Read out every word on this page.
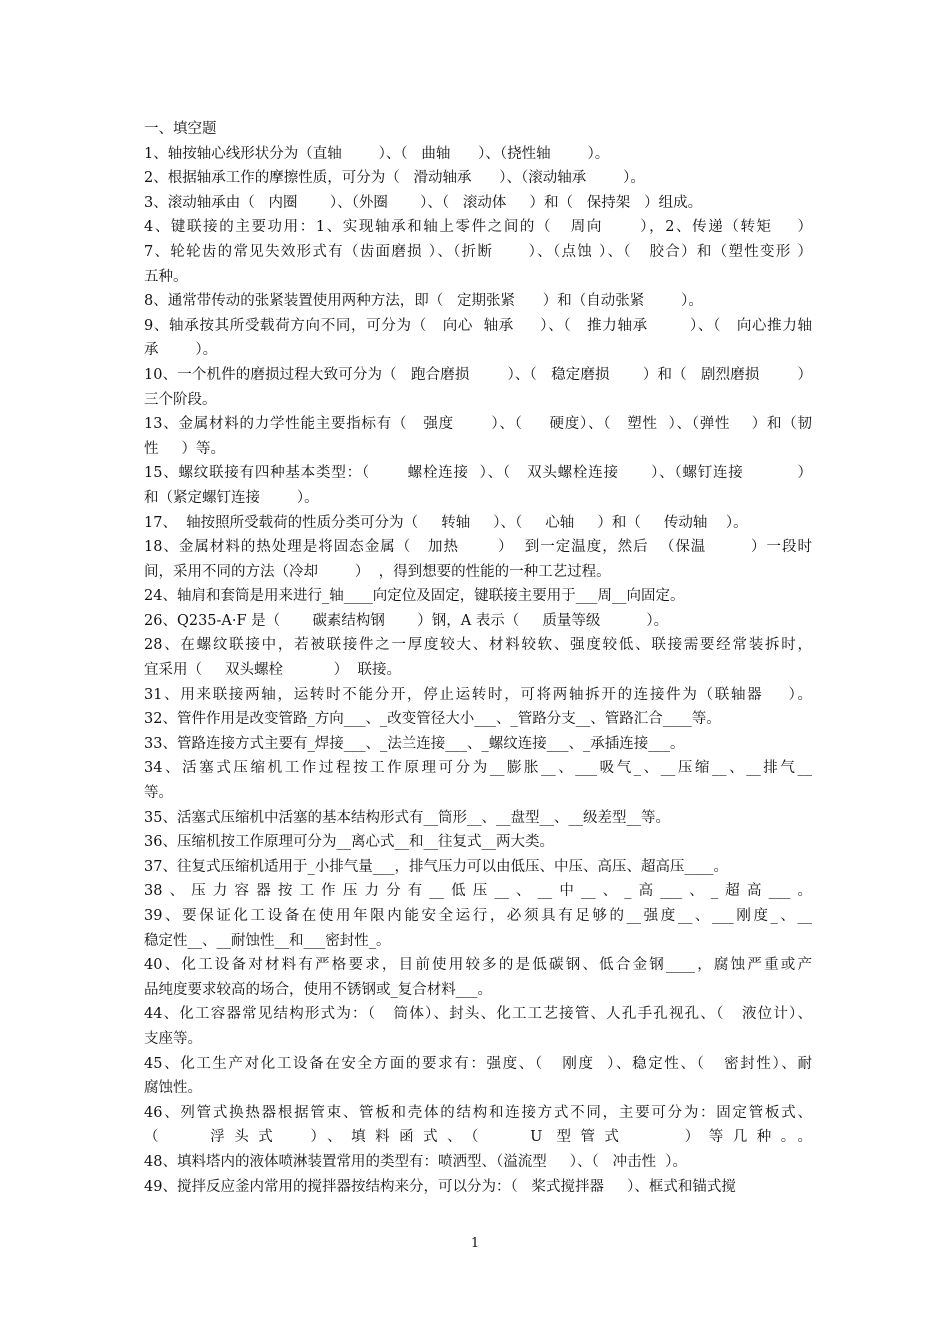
一、填空题
1、轴按轴心线形状分为（直轴        ）、（   曲轴      ）、（挠性轴        ）。
2、根据轴承工作的摩擦性质，可分为（   滑动轴承      ）、（滚动轴承        ）。
3、滚动轴承由（   内圈       ）、（外圈       ）、（   滚动体     ）和（   保持架   ）组成。
4、键联接的主要功用：1、实现轴承和轴上零件之间的（   周向      ），2、传递（转矩    ）
7、轮轮齿的常见失效形式有（齿面磨损 ）、（折断      ）、（点蚀 ）、（   胶合）和（塑性变形 ）
五种。
8、通常带传动的张紧装置使用两种方法，即（   定期张紧      ）和（自动张紧        ）。
9、轴承按其所受载荷方向不同，可分为（   向心  轴承     ）、（   推力轴承        ）、（   向心推力轴
承        ）。
10、一个机件的磨损过程大致可分为（   跑合磨损        ）、（   稳定磨损       ）和（   剧烈磨损        ）
三个阶段。
13、金属材料的力学性能主要指标有（   强度       ）、（     硬度）、（   塑性  ）、（弹性    ）和（韧
性     ）等。
15、螺纹联接有四种基本类型：（       螺栓连接  ）、（   双头螺栓连接      ）、（螺钉连接          ）
和（紧定螺钉连接        ）。
17、  轴按照所受载荷的性质分类可分为（     转轴     ）、（     心轴     ）和（     传动轴    ）。
18、金属材料的热处理是将固态金属（   加热       ）  到一定温度，然后  （保温        ）一段时
间，采用不同的方法（冷却        ）  ，得到想要的性能的一种工艺过程。
24、轴肩和套筒是用来进行_轴____向定位及固定，键联接主要用于___周__向固定。
26、Q235-A·F 是（       碳素结构钢       ）钢，A 表示（     质量等级          ）。
28、在螺纹联接中，若被联接件之一厚度较大、材料较软、强度较低、联接需要经常装拆时，
宜采用（     双头螺栓           ）  联接。
31、用来联接两轴，运转时不能分开，停止运转时，可将两轴拆开的连接件为（联轴器    ）。
32、管件作用是改变管路_方向___、_改变管径大小___、_管路分支__、管路汇合____等。
33、管路连接方式主要有_焊接___、_法兰连接___、_螺纹连接___、_承插连接___。
34、活塞式压缩机工作过程按工作原理可分为__膨胀__、___吸气_、__压缩__、__排气__
等。
35、活塞式压缩机中活塞的基本结构形式有__筒形__、__盘型__、__级差型__等。
36、压缩机按工作原理可分为__离心式__和__往复式__两大类。
37、往复式压缩机适用于_小排气量___，排气压力可以由低压、中压、高压、超高压____。
38、压力容器按工作压力分有__低压__、__中__、_高___、_超高___。
39、要保证化工设备在使用年限内能安全运行，必须具有足够的__强度__、___刚度_、__
稳定性__、__耐蚀性__和___密封性_。
40、化工设备对材料有严格要求，目前使用较多的是低碳钢、低合金钢____，腐蚀严重或产
品纯度要求较高的场合，使用不锈钢或_复合材料___。
44、化工容器常见结构形式为：（   筒体）、封头、化工工艺接管、人孔手孔视孔、（   液位计）、
支座等。
45、化工生产对化工设备在安全方面的要求有：强度、（   刚度  ）、稳定性、（   密封性）、耐
腐蚀性。
46、列管式换热器根据管束、管板和壳体的结构和连接方式不同，主要可分为：固定管板式、
（   浮头式  ）、填料函式、（   U 型管式    ）等几种。。
48、填料塔内的液体喷淋装置常用的类型有：喷洒型、（溢流型     ）、（   冲击性  ）。
49、搅拌反应釜内常用的搅拌器按结构来分，可以分为：（   桨式搅拌器     ）、框式和锚式搅
1
